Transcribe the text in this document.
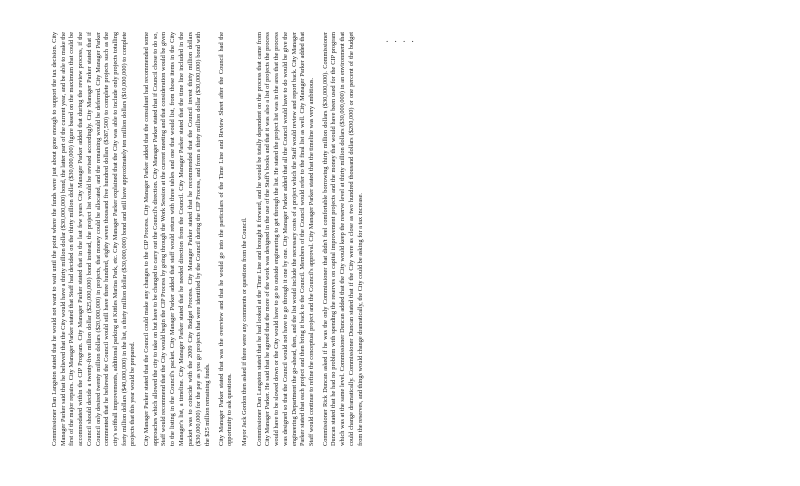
. . . .

Commissioner Dan Langston stated that he would not want to wait until the point where the funds were just about gone enough to support the tax decision. City Manager Parker said that he believed that the City would have a thirty million dollar ($30,000,000) bond, the latter part of the current year, and be able to make the first of the major repairs. City Manager Parker stated that Staff had decided on the thirty million dollar ($30,000,000) figure based on the maximum that could be accommodated within the CIP Program. City Manager Parker stated that in the last few years City Manager Parker added that during the review process, if the Council should decide a twenty-five million dollar ($25,000,000) bond instead, the project list would be revised accordingly. City Manager Parker stated that if Council only desired twenty million dollars ($20,000,000) in projects, that money could be allocated, and the remaining would be deferred. City Manager Parker commented that he believed the Council would still have three hundred, eighty seven thousand five hundred dollars ($387,500) to complete projects such as the city's softball improvements, additional parking at Kittles Marina Park, etc. City Manager Parker explained that the City was able to include only projects totalling forty million dollars ($40,000,000) in the list, a thirty million dollar ($30,000,000) bond and still have approximately ten million dollars ($10,000,000) to complete projects that this year would be prepared. City Manager Parker stated that the Council could make any changes to the CIP Process. City Manager Parker added that the consultant had recommended some approaches which allowed the city to take on but have to be changed to carry out the Council's direction. City Manager Parker stated that if Council chose to do so, Staff would recommend that the City would begin the CIP Process by going through the Work Session at the current meeting and that consideration would be given to the listing in the Council's packet. City Manager Parker added that staff would return with three tables and one that would list, from those items in the City Manager's list, a timeline. City Manager Parker stated that he needed direction from the Council. City Manager Parker stated that the time line included in the packet was to coincide with the 2009 City Budget Process. City Manager Parker stated that he recommended that the Council invest thirty million dollars ($30,000,000) for the pay as you go projects that were identified by the Council during the CIP Process, and from a thirty million dollar ($30,000,000) bond with the $25 million remaining funds. City Manager Parker stated that was the overview and that he would go into the particulars of the Time Line and Review Sheet after the Council had the opportunity to ask questions. Mayor Jack Gordon then asked if there were any comments or questions from the Council. Commissioner Dan Langston stated that he had looked at the Time Line and brought it forward, and he would be totally dependent on the process that came from City Manager Parker. He said that he agreed that the more of the work was designed in the use of the Staff's books and that it was also a list of projects the process would have to be slowed down or the City would have to go to outside engineering to get through the list. He stated the project list was in the area that the process was designed so that the Council would not have to go through it one by one. City Manager Parker added that all the Council would have to do would be give the engineering Department the go-ahead, then, and the list would include the necessary costs of a project which the Staff would review and report back. City Manager Parker stated that each project and then bring it back to the Council. Members of the Council would refer to the final list as well. City Manager Parker added that Staff would continue to refine the conceptual project and the Council's approval. City Manager Parker stated that the timeline was very ambitious. Commissioner Rick Duncan asked if he was the only Commissioner that didn't feel comfortable borrowing thirty million dollars ($30,000,000). Commissioner Duncan stated that he had no problem with spending the reserves on capital improvement projects and the money that would have been used for the CIP program which was at the same level. Commissioner Duncan added that the City would keep the reserve level at thirty million dollars ($30,000,000) in an environment that could change dramatically. Commissioner Duncan stated that if the City were as close as two hundred thousand dollars ($200,000) or one percent of the budget from the reserves, and things would change dramatically, the City could be asking for a tax increase.
